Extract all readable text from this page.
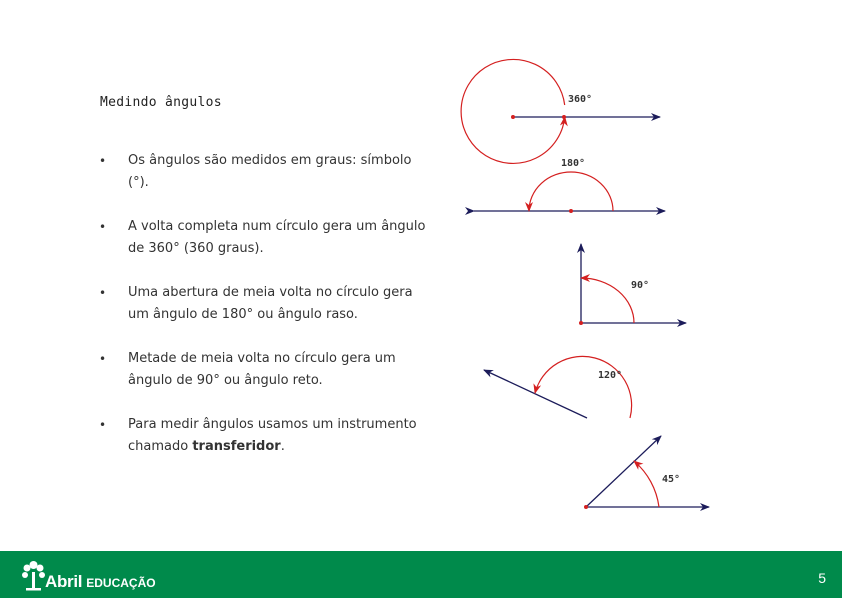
Medindo ângulos
• Os ângulos são medidos em graus: símbolo (°).
• A volta completa num círculo gera um ângulo de 360° (360 graus).
• Uma abertura de meia volta no círculo gera um ângulo de 180° ou ângulo raso.
• Metade de meia volta no círculo gera um ângulo de 90° ou ângulo reto.
• Para medir ângulos usamos um instrumento chamado transferidor.
360°
180°
90°
120°
45°
Abril EDUCAÇÃO	5
